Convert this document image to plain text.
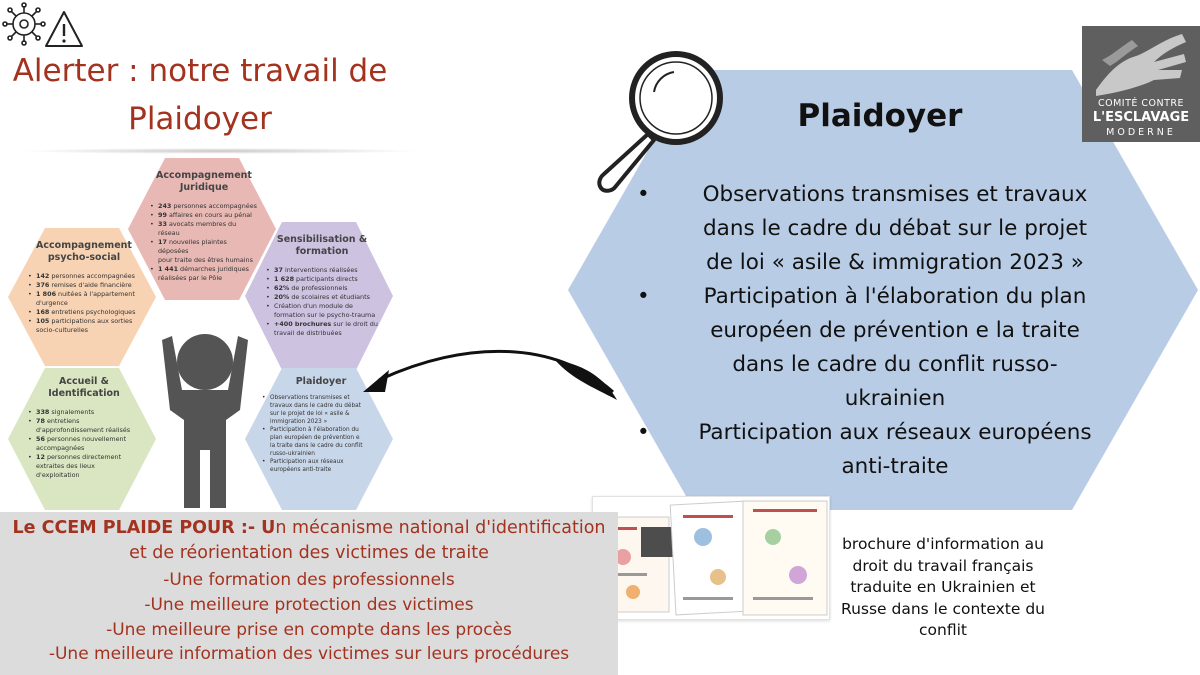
Alerter : notre travail de
Plaidoyer
Accompagnement
Juridique
• 243 personnes accompagnées
• 99 affaires en cours au pénal
• 33 avocats membres du réseau
• 17 nouvelles plaintes déposées
pour traite des êtres humains
• 1 441 démarches juridiques
réalisées par le Pôle
Accompagnement
psycho-social
• 142 personnes accompagnées
• 376 remises d'aide financière
• 1 806 nuitées à l'appartement
d'urgence
• 168 entretiens psychologiques
• 105 participations aux sorties
socio-culturelles
Sensibilisation &
formation
• 37 interventions réalisées
• 1 628 participants directs
• 62% de professionnels
• 20% de scolaires et étudiants
• Création d'un module de
formation sur le psycho-trauma
• +400 brochures sur le droit du
travail de distribuées
Accueil &
Identification
• 338 signalements
• 78 entretiens
d'approfondissement réalisés
• 56 personnes nouvellement
accompagnées
• 12 personnes directement
extraites des lieux
d'exploitation
Plaidoyer
• Observations transmises et
travaux dans le cadre du débat
sur le projet de loi « asile &
immigration 2023 »
• Participation à l'élaboration du
plan européen de prévention e
la traite dans le cadre du conflit
russo-ukrainien
• Participation aux réseaux
européens anti-traite
Plaidoyer
• Observations transmises et travaux
dans le cadre du débat sur le projet
de loi « asile & immigration 2023 »
• Participation à l'élaboration du plan
européen de prévention e la traite
dans le cadre du conflit russo-
ukrainien
• Participation aux réseaux européens
anti-traite
COMITÉ CONTRE
L'ESCLAVAGE
MODERNE
brochure d'information au
droit du travail français
traduite en Ukrainien et
Russe dans le contexte du
conflit
Le CCEM PLAIDE POUR :- Un mécanisme national d'identification
et de réorientation des victimes de traite
-Une formation des professionnels
-Une meilleure protection des victimes
-Une meilleure prise en compte dans les procès
-Une meilleure information des victimes sur leurs procédures
